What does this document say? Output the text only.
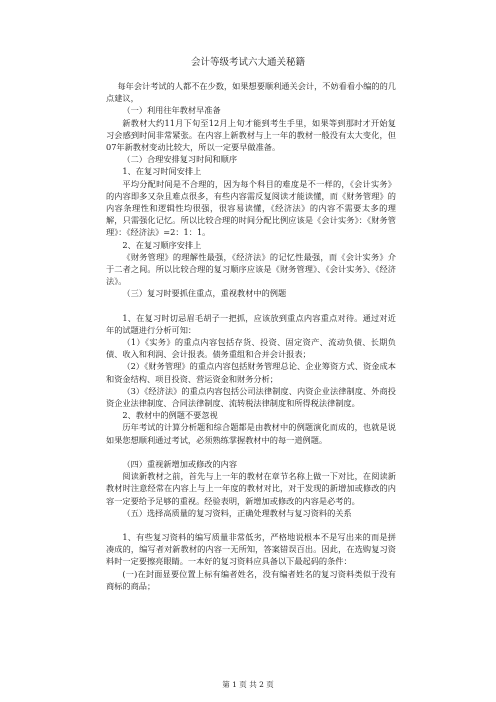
会计等级考试六大通关秘籍

每年会计考试的人都不在少数，如果想要顺利通关会计，不妨看看小编的的几点建议，

（一）利用往年教材早准备

新教材大约11月下旬至12月上旬才能到考生手里，如果等到那时才开始复习会感到时间非常紧张。在内容上新教材与上一年的教材一般没有太大变化，但07年新教材变动比较大，所以一定要早做准备。

（二）合理安排复习时间和顺序

1、在复习时间安排上

平均分配时间是不合理的，因为每个科目的难度是不一样的，《会计实务》的内容即多又杂且难点很多，有些内容需反复阅读才能读懂，而《财务管理》的内容条理性和逻辑性均很强，很容易读懂，《经济法》的内容不需要太多的理解，只需强化记忆。所以比较合理的时间分配比例应该是《会计实务》：《财务管理》：《经济法》=2：1：1。

2、在复习顺序安排上

《财务管理》的理解性最强，《经济法》的记忆性最强，而《会计实务》介于二者之间。所以比较合理的复习顺序应该是《财务管理》、《会计实务》、《经济法》。

（三）复习时要抓住重点，重视教材中的例题

1、在复习时切忌眉毛胡子一把抓，应该放到重点内容重点对待。通过对近年的试题进行分析可知：

（1）《实务》的重点内容包括存货、投资、固定资产、流动负债、长期负债、收入和利润、会计报表。债务重组和合并会计报表；

（2）《财务管理》的重点内容包括财务管理总论、企业筹资方式、资金成本和资金结构、项目投资、营运资金和财务分析；

（3）《经济法》的重点内容包括公司法律制度、内资企业法律制度、外商投资企业法律制度、合同法律制度、流转税法律制度和所得税法律制度。

2、教材中的例题不要忽视

历年考试的计算分析题和综合题都是由教材中的例题演化而成的，也就是说如果您想顺利通过考试，必须熟练掌握教材中的每一道例题。

（四）重视新增加或修改的内容

阅读新教材之前，首先与上一年的教材在章节名称上做一下对比，在阅读新教材时注意经常在内容上与上一年度的教材对比，对于发现的新增加或修改的内容一定要给予足够的重视。经验表明，新增加或修改的内容是必考的。

（五）选择高质量的复习资料，正确处理教材与复习资料的关系

1、有些复习资料的编写质量非常低劣，严格地说根本不是写出来的而是拼凑成的，编写者对新教材的内容一无所知，答案错误百出。因此，在选购复习资料时一定要擦亮眼睛。一本好的复习资料应具备以下最起码的条件：

(一)在封面显要位置上标有编者姓名，没有编者姓名的复习资料类似于没有商标的商品；

第 1 页 共 2 页
